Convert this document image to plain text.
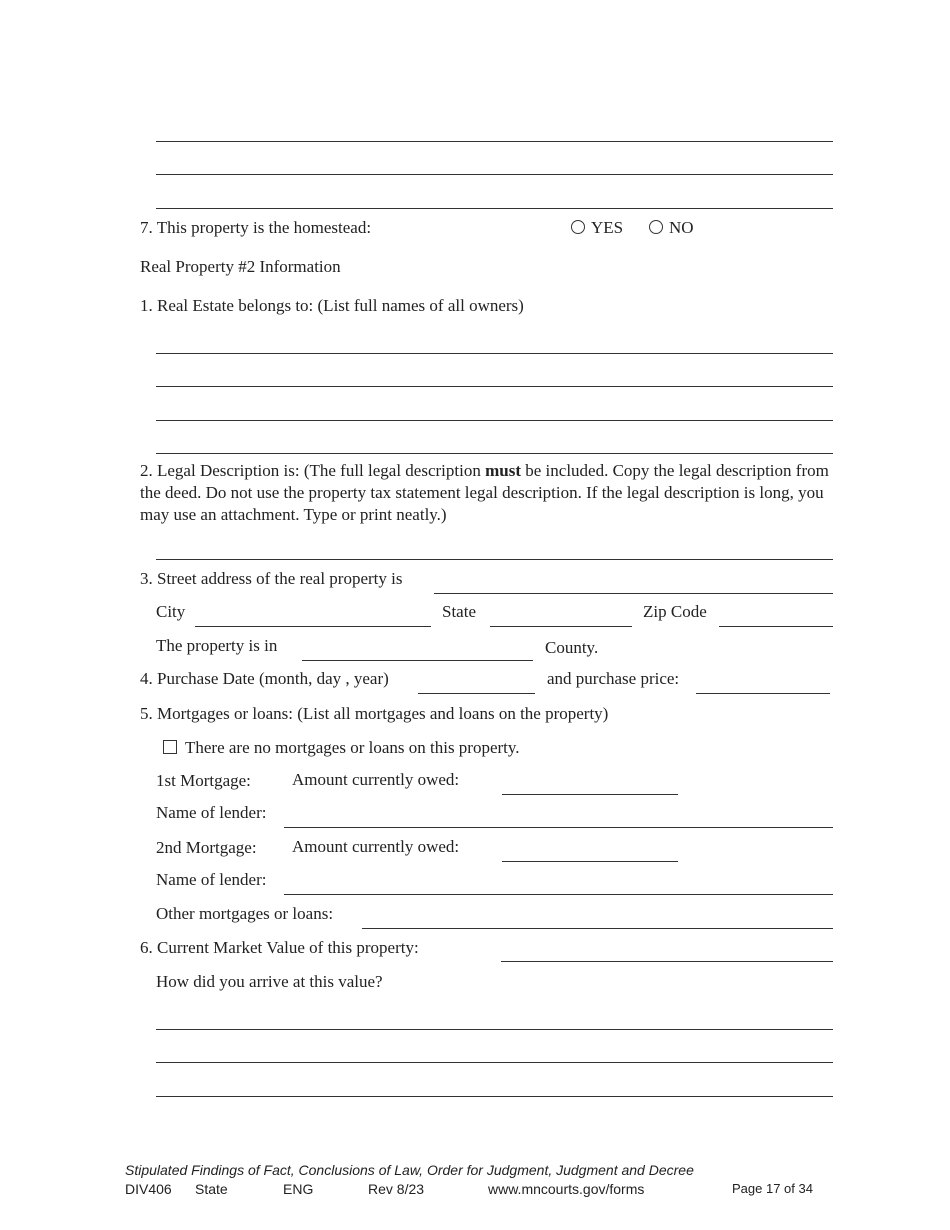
7. This property is the homestead:	YES	NO
Real Property #2 Information
1. Real Estate belongs to: (List full names of all owners)
2. Legal Description is: (The full legal description must be included. Copy the legal description from the deed. Do not use the property tax statement legal description. If the legal description is long, you may use an attachment. Type or print neatly.)
3. Street address of the real property is
City	State	Zip Code
The property is in	County.
4. Purchase Date (month, day , year)	and purchase price:
5. Mortgages or loans: (List all mortgages and loans on the property)
There are no mortgages or loans on this property.
1st Mortgage: Amount currently owed:
Name of lender:
2nd Mortgage: Amount currently owed:
Name of lender:
Other mortgages or loans:
6. Current Market Value of this property:
How did you arrive at this value?
Stipulated Findings of Fact, Conclusions of Law, Order for Judgment, Judgment and Decree
DIV406 State	ENG	Rev 8/23	www.mncourts.gov/forms	Page 17 of 34
